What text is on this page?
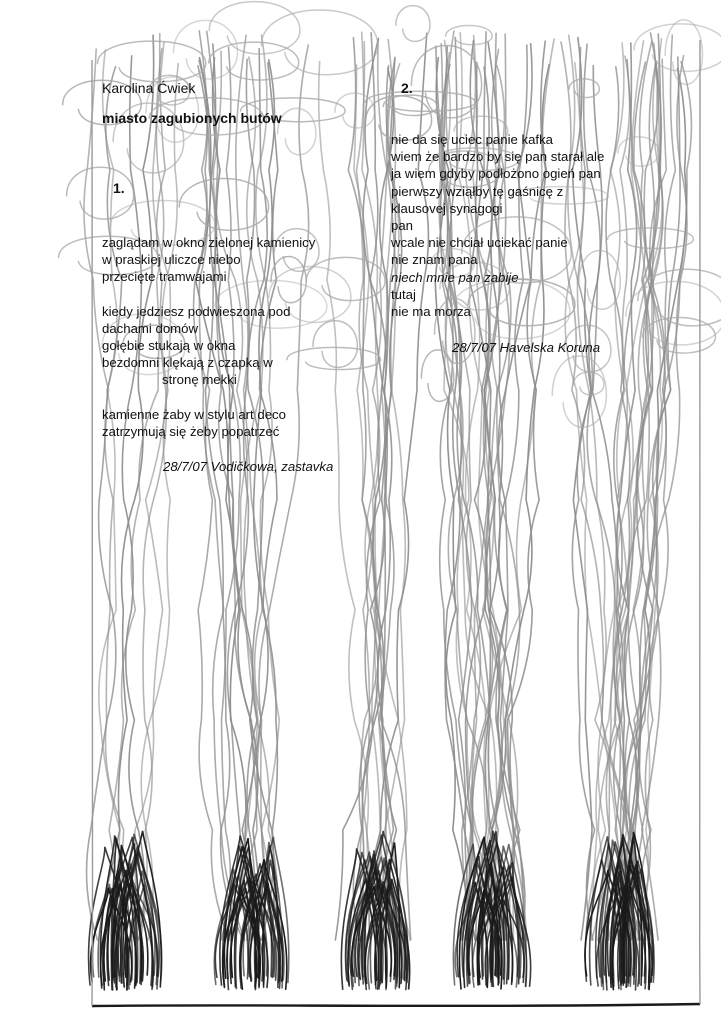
Karolina Ćwiek
miasto zagubionych butów
1.
2.
zaglądam w okno zielonej kamienicy
w praskiej uliczce niebo
przecięte tramwajami
kiedy jedziesz podwieszona pod
dachami domów
gołębie stukają w okna
bezdomni klękają z czapką w
stronę mekki
kamienne żaby w stylu art deco
zatrzymują się żeby popatrzeć
28/7/07 Vodičkowa, zastavka
nie da się uciec panie kafka
wiem że bardzo by się pan starał ale
ja wiem gdyby podłożono ogień pan
pierwszy wziąłby tę gaśnicę z
klausovej synagogi
pan
wcale nie chciał uciekać panie
nie znam pana
niech mnie pan zabije
tutaj
nie ma morza
28/7/07 Havelska Koruna
